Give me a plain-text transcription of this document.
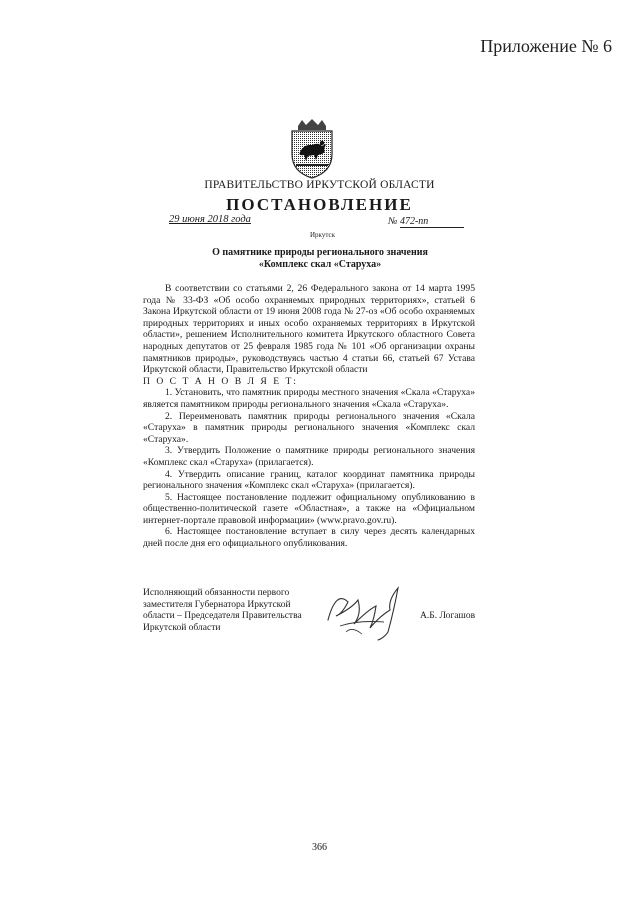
Приложение № 6
ПРАВИТЕЛЬСТВО ИРКУТСКОЙ ОБЛАСТИ
ПОСТАНОВЛЕНИЕ
29 июня 2018 года	№ 472-пп
Иркутск
О памятнике природы регионального значения
«Комплекс скал «Старуха»

В соответствии со статьями 2, 26 Федерального закона от 14 марта 1995 года № 33-ФЗ «Об особо охраняемых природных территориях», статьей 6 Закона Иркутской области от 19 июня 2008 года № 27-оз «Об особо охраняемых природных территориях и иных особо охраняемых территориях в Иркутской области», решением Исполнительного комитета Иркутского областного Совета народных депутатов от 25 февраля 1985 года № 101 «Об организации охраны памятников природы», руководствуясь частью 4 статьи 66, статьей 67 Устава Иркутской области, Правительство Иркутской области

П О С Т А Н О В Л Я Е Т:

1. Установить, что памятник природы местного значения «Скала «Старуха» является памятником природы регионального значения «Скала «Старуха».

2. Переименовать памятник природы регионального значения «Скала «Старуха» в памятник природы регионального значения «Комплекс скал «Старуха».

3. Утвердить Положение о памятнике природы регионального значения «Комплекс скал «Старуха» (прилагается).

4. Утвердить описание границ, каталог координат памятника природы регионального значения «Комплекс скал «Старуха» (прилагается).

5. Настоящее постановление подлежит официальному опубликованию в общественно-политической газете «Областная», а также на «Официальном интернет-портале правовой информации» (www.pravo.gov.ru).

6. Настоящее постановление вступает в силу через десять календарных дней после дня его официального опубликования.

Исполняющий обязанности первого заместителя Губернатора Иркутской области – Председателя Правительства Иркутской области
А.Б. Логашов
366
